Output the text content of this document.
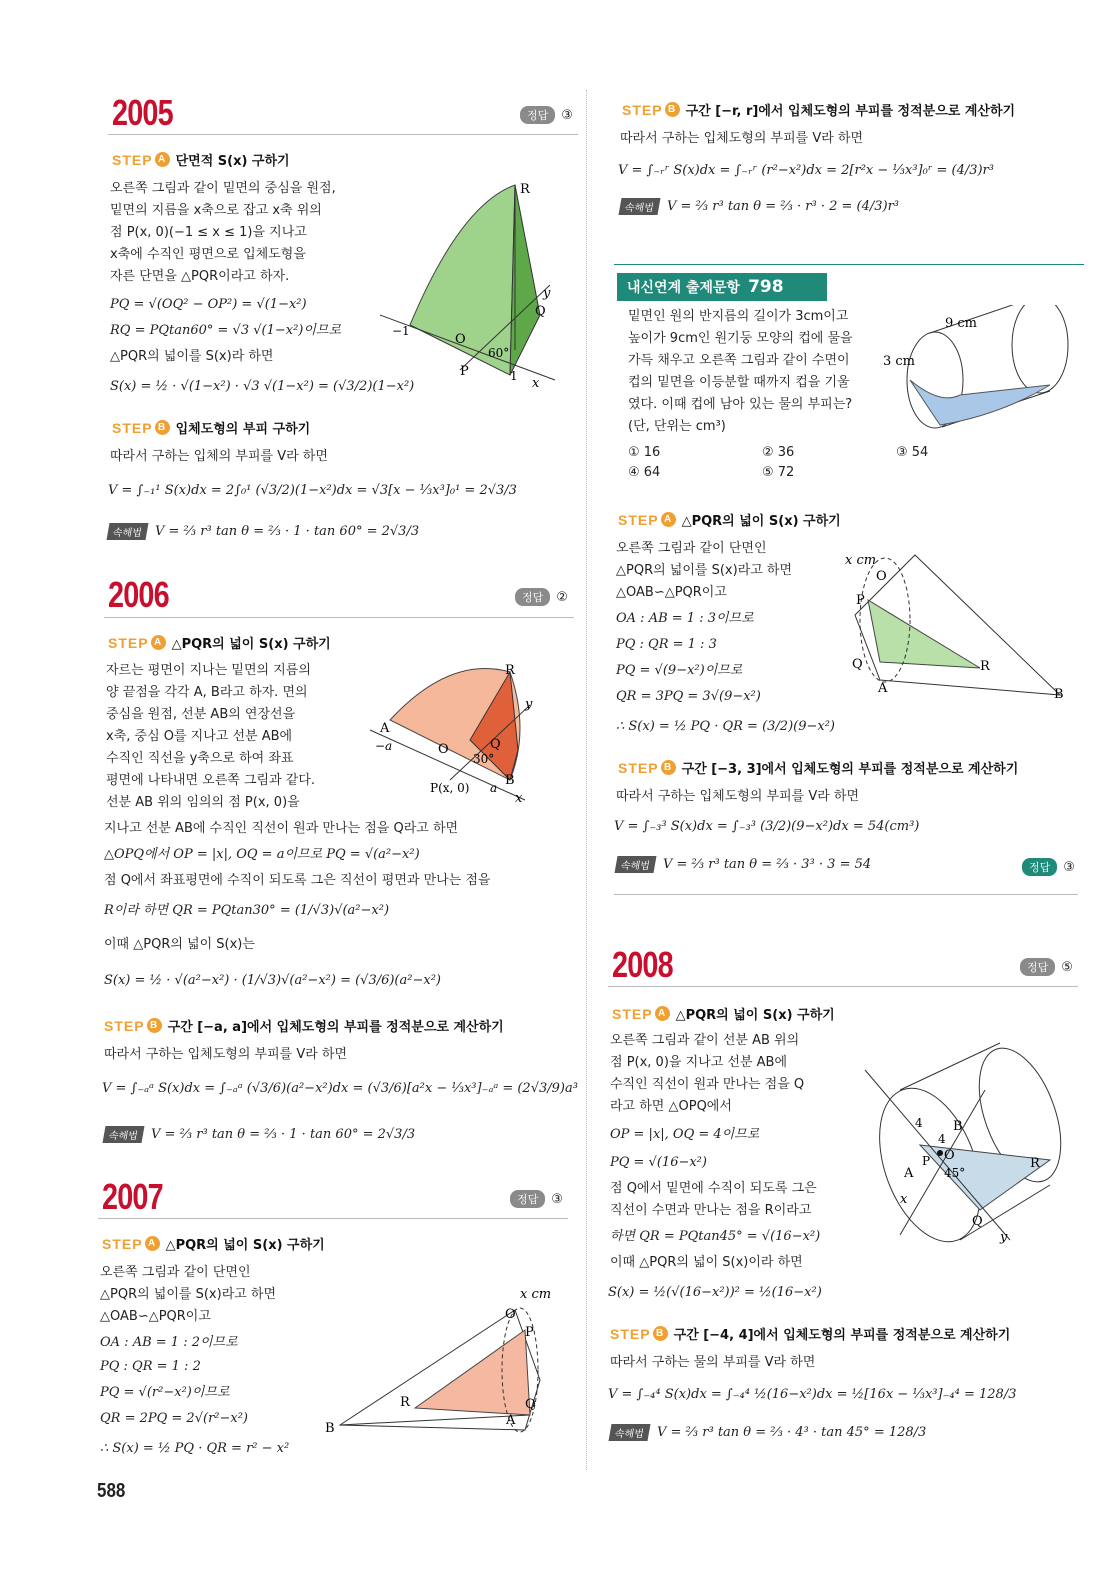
2005	정답	③
STEP A 단면적 S(x) 구하기
오른쪽 그림과 같이 밑면의 중심을 원점,
밑면의 지름을 x축으로 잡고 x축 위의
점 P(x, 0)(−1 ≤ x ≤ 1)을 지나고
x축에 수직인 평면으로 입체도형을
자른 단면을 △PQR이라고 하자.
PQ = √(OQ² − OP²) = √(1−x²)
RQ = PQtan60° = √3 √(1−x²)이므로
△PQR의 넓이를 S(x)라 하면
S(x) = ½ · √(1−x²) · √3 √(1−x²) = (√3/2)(1−x²)
R
y
Q
−1
O
60°
P	1 x
STEP B 입체도형의 부피 구하기
따라서 구하는 입체의 부피를 V라 하면
V = ∫₋₁¹ S(x)dx = 2∫₀¹ (√3/2)(1−x²)dx = √3[x − ⅓x³]₀¹ = 2√3/3
속해법 V = ⅔ r³ tan θ = ⅔ · 1 · tan 60° = 2√3/3
2006	정답	②
STEP A △PQR의 넓이 S(x) 구하기
자르는 평면이 지나는 밑면의 지름의
양 끝점을 각각 A, B라고 하자. 면의
중심을 원점, 선분 AB의 연장선을
x축, 중심 O를 지나고 선분 AB에
수직인 직선을 y축으로 하여 좌표
평면에 나타내면 오른쪽 그림과 같다.
선분 AB 위의 임의의 점 P(x, 0)을
지나고 선분 AB에 수직인 직선이 원과 만나는 점을 Q라고 하면
△OPQ에서 OP = |x|, OQ = a이므로 PQ = √(a²−x²)
점 Q에서 좌표평면에 수직이 되도록 그은 직선이 평면과 만나는 점을
R이라 하면 QR = PQtan30° = (1/√3)√(a²−x²)
이때 △PQR의 넓이 S(x)는
S(x) = ½ · √(a²−x²) · (1/√3)√(a²−x²) = (√3/6)(a²−x²)
R
y
A
−a	O	Q
30°
B
P(x, 0) a
x
STEP B 구간 [−a, a]에서 입체도형의 부피를 정적분으로 계산하기
따라서 구하는 입체도형의 부피를 V라 하면
V = ∫₋ₐᵃ S(x)dx = ∫₋ₐᵃ (√3/6)(a²−x²)dx = (√3/6)[a²x − ⅓x³]₋ₐᵃ = (2√3/9)a³
속해법 V = ⅔ r³ tan θ = ⅔ · 1 · tan 60° = 2√3/3
2007	정답	③
STEP A △PQR의 넓이 S(x) 구하기
오른쪽 그림과 같이 단면인
△PQR의 넓이를 S(x)라고 하면
△OAB∽△PQR이고
OA : AB = 1 : 2이므로
PQ : QR = 1 : 2
PQ = √(r²−x²)이므로
QR = 2PQ = 2√(r²−x²)
∴ S(x) = ½ PQ · QR = r² − x²
x cm
O
P
R	Q
B
A
588
STEP B 구간 [−r, r]에서 입체도형의 부피를 정적분으로 계산하기
따라서 구하는 입체도형의 부피를 V라 하면
V = ∫₋ᵣʳ S(x)dx = ∫₋ᵣʳ (r²−x²)dx = 2[r²x − ⅓x³]₀ʳ = (4/3)r³
속해법 V = ⅔ r³ tan θ = ⅔ · r³ · 2 = (4/3)r³
내신연계 출제문항 798
밑면인 원의 반지름의 길이가 3cm이고
높이가 9cm인 원기둥 모양의 컵에 물을
가득 채우고 오른쪽 그림과 같이 수면이
컵의 밑면을 이등분할 때까지 컵을 기울
였다. 이때 컵에 남아 있는 물의 부피는?
(단, 단위는 cm³)
① 16	② 36	③ 54
④ 64	⑤ 72
9 cm
3 cm
STEP A △PQR의 넓이 S(x) 구하기
오른쪽 그림과 같이 단면인
△PQR의 넓이를 S(x)라고 하면
△OAB∽△PQR이고
OA : AB = 1 : 3이므로
PQ : QR = 1 : 3
PQ = √(9−x²)이므로
QR = 3PQ = 3√(9−x²)
∴ S(x) = ½ PQ · QR = (3/2)(9−x²)
x cm
O
P
Q	R
A	B
STEP B 구간 [−3, 3]에서 입체도형의 부피를 정적분으로 계산하기
따라서 구하는 입체도형의 부피를 V라 하면
V = ∫₋₃³ S(x)dx = ∫₋₃³ (3/2)(9−x²)dx = 54(cm³)
속해법 V = ⅔ r³ tan θ = ⅔ · 3³ · 3 = 54	정답	③
2008	정답	⑤
STEP A △PQR의 넓이 S(x) 구하기
오른쪽 그림과 같이 선분 AB 위의
점 P(x, 0)을 지나고 선분 AB에
수직인 직선이 원과 만나는 점을 Q
라고 하면 △OPQ에서
OP = |x|, OQ = 4이므로
PQ = √(16−x²)
점 Q에서 밑면에 수직이 되도록 그은
직선이 수면과 만나는 점을 R이라고
하면 QR = PQtan45° = √(16−x²)
이때 △PQR의 넓이 S(x)이라 하면
S(x) = ½(√(16−x²))² = ½(16−x²)
B
4
4
O
P
A	45°
R
x
Q
y
STEP B 구간 [−4, 4]에서 입체도형의 부피를 정적분으로 계산하기
따라서 구하는 물의 부피를 V라 하면
V = ∫₋₄⁴ S(x)dx = ∫₋₄⁴ ½(16−x²)dx = ½[16x − ⅓x³]₋₄⁴ = 128/3
속해법 V = ⅔ r³ tan θ = ⅔ · 4³ · tan 45° = 128/3
